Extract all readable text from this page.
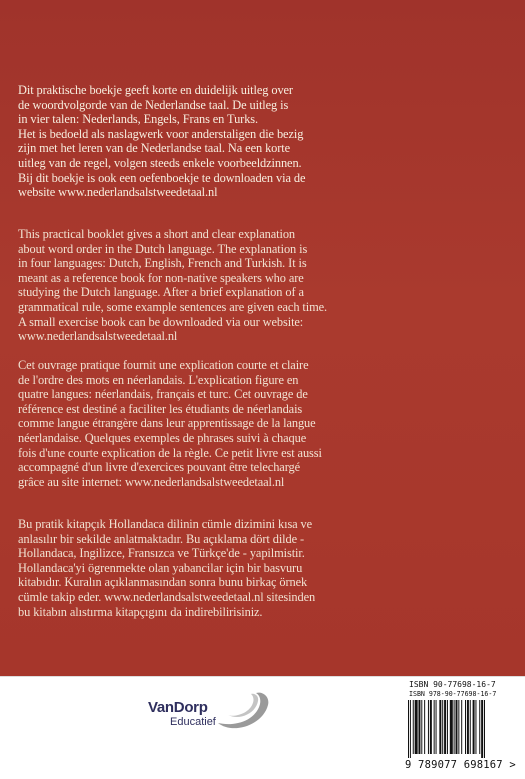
Dit praktische boekje geeft korte en duidelijk uitleg over
de woordvolgorde van de Nederlandse taal. De uitleg is
in vier talen: Nederlands, Engels, Frans en Turks.
Het is bedoeld als naslagwerk voor anderstaligen die bezig
zijn met het leren van de Nederlandse taal. Na een korte
uitleg van de regel, volgen steeds enkele voorbeeldzinnen.
Bij dit boekje is ook een oefenboekje te downloaden via de
website www.nederlandsalstweedetaal.nl
This practical booklet gives a short and clear explanation
about word order in the Dutch language. The explanation is
in four languages: Dutch, English, French and Turkish. It is
meant as a reference book for non-native speakers who are
studying the Dutch language. After a brief explanation of a
grammatical rule, some example sentences are given each time.
A small exercise book can be downloaded via our website:
www.nederlandsalstweedetaal.nl
Cet ouvrage pratique fournit une explication courte et claire
de l'ordre des mots en néerlandais. L'explication figure en
quatre langues: néerlandais, français et turc. Cet ouvrage de
référence est destiné a faciliter les étudiants de néerlandais
comme langue étrangère dans leur apprentissage de la langue
néerlandaise. Quelques exemples de phrases suivi à chaque
fois d'une courte explication de la règle. Ce petit livre est aussi
accompagné d'un livre d'exercices pouvant être telechargé
grâce au site internet: www.nederlandsalstweedetaal.nl
Bu pratik kitapçık Hollandaca dilinin cümle dizimini kısa ve
anlasılır bir sekilde anlatmaktadır. Bu açıklama dört dilde -
Hollandaca, Ingilizce, Fransızca ve Türkçe'de - yapilmistir.
Hollandaca'yi ögrenmekte olan yabancilar için bir basvuru
kitabıdır. Kuralın açıklanmasından sonra bunu birkaç örnek
cümle takip eder. www.nederlandsalstweedetaal.nl sitesinden
bu kitabın alıstırma kitapçıgını da indirebilirisiniz.
VanDorp
Educatief
ISBN 90-77698-16-7
ISBN 978-90-77698-16-7
9 789077 698167 >
